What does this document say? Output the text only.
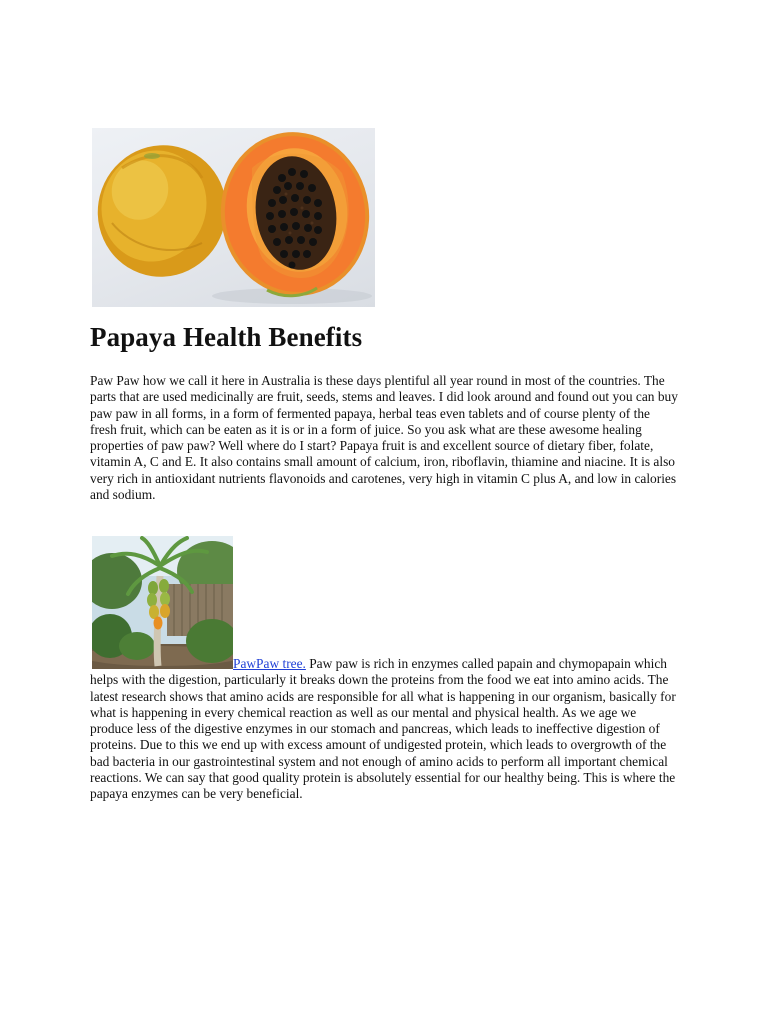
Papaya Health Benefits

Paw Paw how we call it here in Australia is these days plentiful all year round in most of the countries. The parts that are used medicinally are fruit, seeds, stems and leaves. I did look around and found out you can buy paw paw in all forms, in a form of fermented papaya, herbal teas even tablets and of course plenty of the fresh fruit, which can be eaten as it is or in a form of juice. So you ask what are these awesome healing properties of paw paw? Well where do I start? Papaya fruit is and excellent source of dietary fiber, folate, vitamin A, C and E. It also contains small amount of calcium, iron, riboflavin, thiamine and niacine. It is also very rich in antioxidant nutrients flavonoids and carotenes, very high in vitamin C plus A, and low in calories and sodium.

PawPaw tree. Paw paw is rich in enzymes called papain and chymopapain which helps with the digestion, particularly it breaks down the proteins from the food we eat into amino acids. The latest research shows that amino acids are responsible for all what is happening in our organism, basically for what is happening in every chemical reaction as well as our mental and physical health. As we age we produce less of the digestive enzymes in our stomach and pancreas, which leads to ineffective digestion of proteins. Due to this we end up with excess amount of undigested protein, which leads to overgrowth of the bad bacteria in our gastrointestinal system and not enough of amino acids to perform all important chemical reactions. We can say that good quality protein is absolutely essential for our healthy being. This is where the papaya enzymes can be very beneficial.
